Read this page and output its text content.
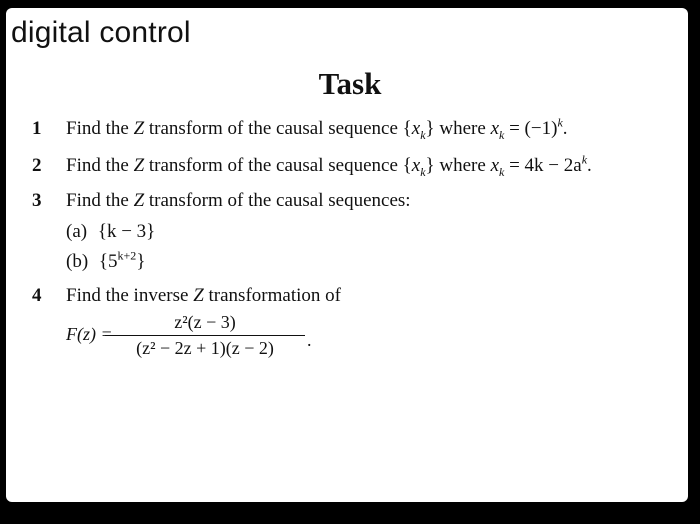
digital control
Task
1 Find the Z transform of the causal sequence $\{x_k\}$ where $x_k = (-1)^k$.
2 Find the Z transform of the causal sequence $\{x_k\}$ where $x_k = 4k - 2a^k$.
3 Find the Z transform of the causal sequences:
(a) {k − 3}
(b) $\{5^{k+2}\}$
4 Find the inverse Z transformation of
F(z) =
z²(z − 3)
(z² − 2z + 1)(z − 2)	.
